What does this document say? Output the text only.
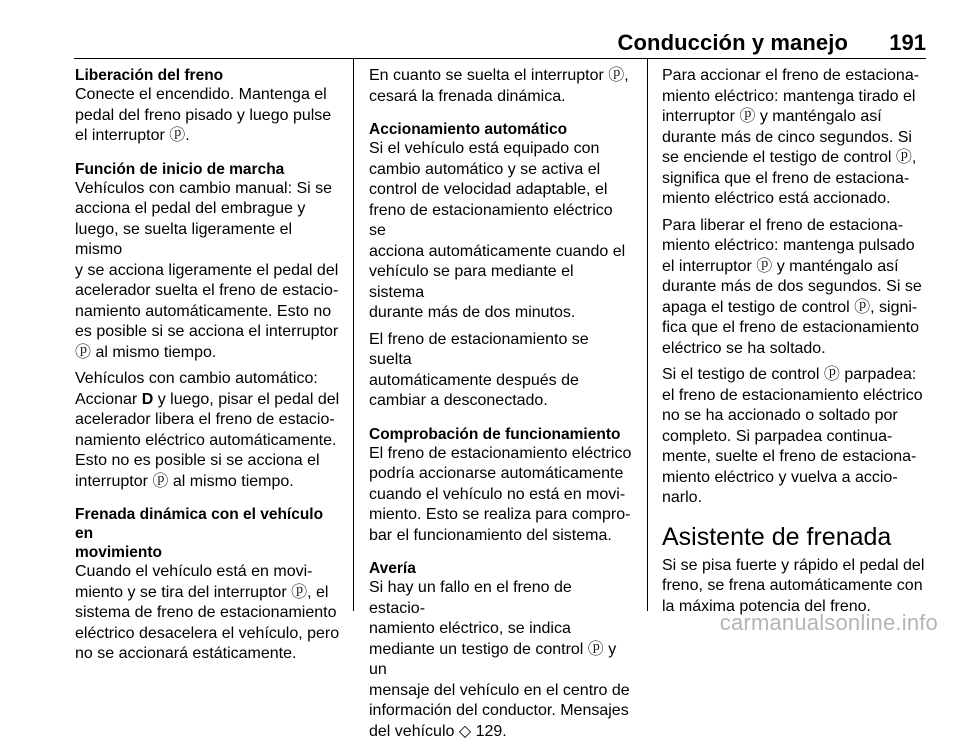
Conducción y manejo 191
Liberación del freno

Conecte el encendido. Mantenga el
pedal del freno pisado y luego pulse
el interruptor ⓟ.

Función de inicio de marcha

Vehículos con cambio manual: Si se
acciona el pedal del embrague y
luego, se suelta ligeramente el mismo
y se acciona ligeramente el pedal del
acelerador suelta el freno de estacio-
namiento automáticamente. Esto no
es posible si se acciona el interruptor
ⓟ al mismo tiempo.

Vehículos con cambio automático:
Accionar D y luego, pisar el pedal del
acelerador libera el freno de estacio-
namiento eléctrico automáticamente.
Esto no es posible si se acciona el
interruptor ⓟ al mismo tiempo.

Frenada dinámica con el vehículo en
movimiento

Cuando el vehículo está en movi-
miento y se tira del interruptor ⓟ, el
sistema de freno de estacionamiento
eléctrico desacelera el vehículo, pero
no se accionará estáticamente.

En cuanto se suelta el interruptor ⓟ,
cesará la frenada dinámica.

Accionamiento automático

Si el vehículo está equipado con
cambio automático y se activa el
control de velocidad adaptable, el
freno de estacionamiento eléctrico se
acciona automáticamente cuando el
vehículo se para mediante el sistema
durante más de dos minutos.

El freno de estacionamiento se suelta
automáticamente después de
cambiar a desconectado.

Comprobación de funcionamiento

El freno de estacionamiento eléctrico
podría accionarse automáticamente
cuando el vehículo no está en movi-
miento. Esto se realiza para compro-
bar el funcionamiento del sistema.

Avería

Si hay un fallo en el freno de estacio-
namiento eléctrico, se indica
mediante un testigo de control ⓟ y un
mensaje del vehículo en el centro de
información del conductor. Mensajes
del vehículo ◇ 129.

Para accionar el freno de estaciona-
miento eléctrico: mantenga tirado el
interruptor ⓟ y manténgalo así
durante más de cinco segundos. Si
se enciende el testigo de control ⓟ,
significa que el freno de estaciona-
miento eléctrico está accionado.

Para liberar el freno de estaciona-
miento eléctrico: mantenga pulsado
el interruptor ⓟ y manténgalo así
durante más de dos segundos. Si se
apaga el testigo de control ⓟ, signi-
fica que el freno de estacionamiento
eléctrico se ha soltado.

Si el testigo de control ⓟ parpadea:
el freno de estacionamiento eléctrico
no se ha accionado o soltado por
completo. Si parpadea continua-
mente, suelte el freno de estaciona-
miento eléctrico y vuelva a accio-
narlo.

Asistente de frenada

Si se pisa fuerte y rápido el pedal del
freno, se frena automáticamente con
la máxima potencia del freno.

carmanualsonline.info
